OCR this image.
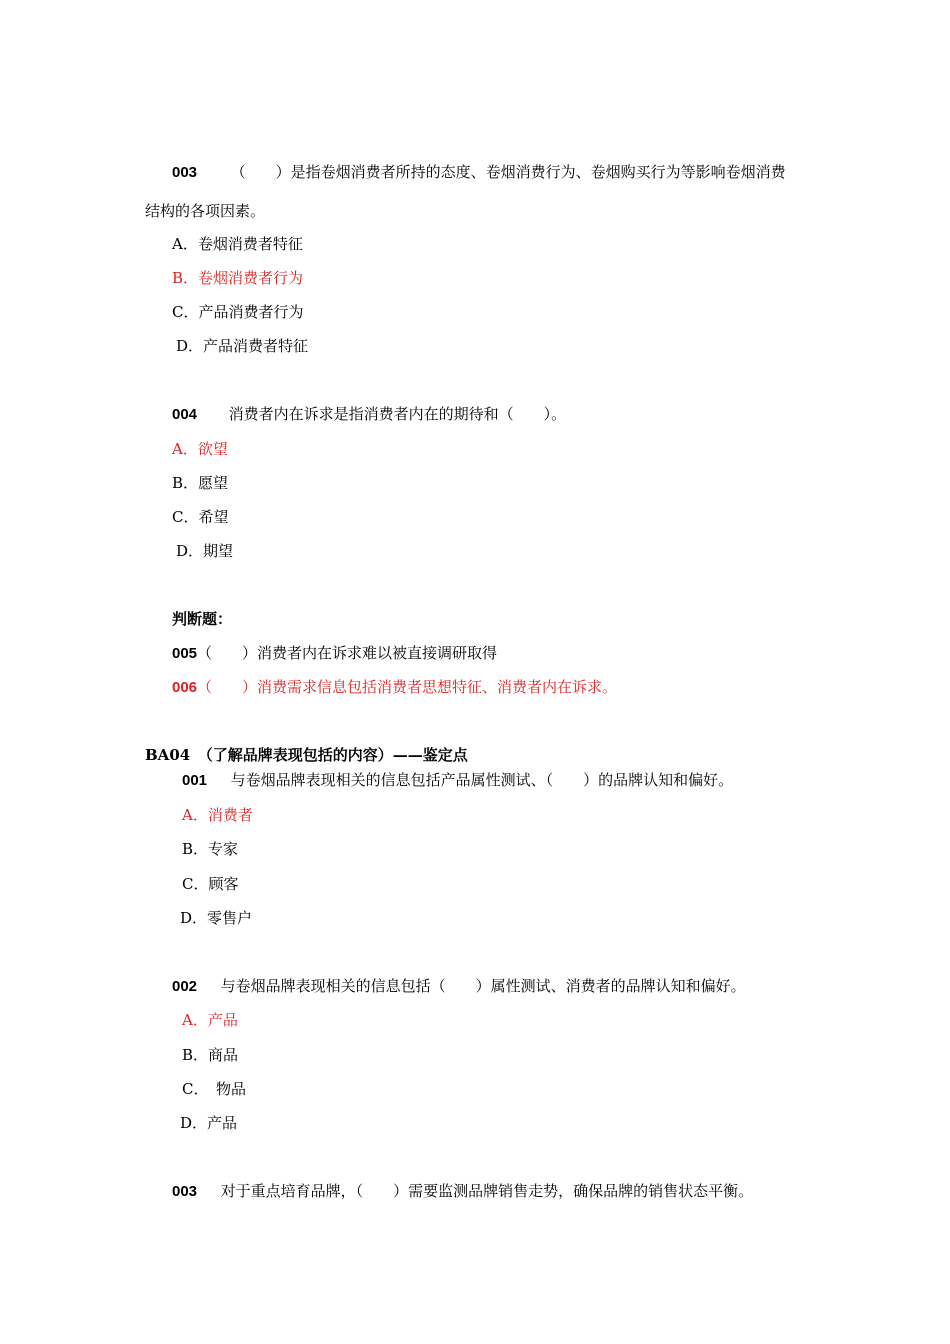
003 （　　）是指卷烟消费者所持的态度、卷烟消费行为、卷烟购买行为等影响卷烟消费
结构的各项因素。
A．卷烟消费者特征
B．卷烟消费者行为
C．产品消费者行为
D．产品消费者特征
004 消费者内在诉求是指消费者内在的期待和（　　）。
A．欲望
B．愿望
C．希望
D．期望
判断题：
005（　　）消费者内在诉求难以被直接调研取得
006（　　）消费需求信息包括消费者思想特征、消费者内在诉求。
BA04　（了解品牌表现包括的内容）——鉴定点
001 与卷烟品牌表现相关的信息包括产品属性测试、（　　）的品牌认知和偏好。
A．消费者
B．专家
C．顾客
D．零售户
002 与卷烟品牌表现相关的信息包括（　　）属性测试、消费者的品牌认知和偏好。
A．产品
B．商品
C．　物品
D．产品
003 对于重点培育品牌，（　　）需要监测品牌销售走势，确保品牌的销售状态平衡。
